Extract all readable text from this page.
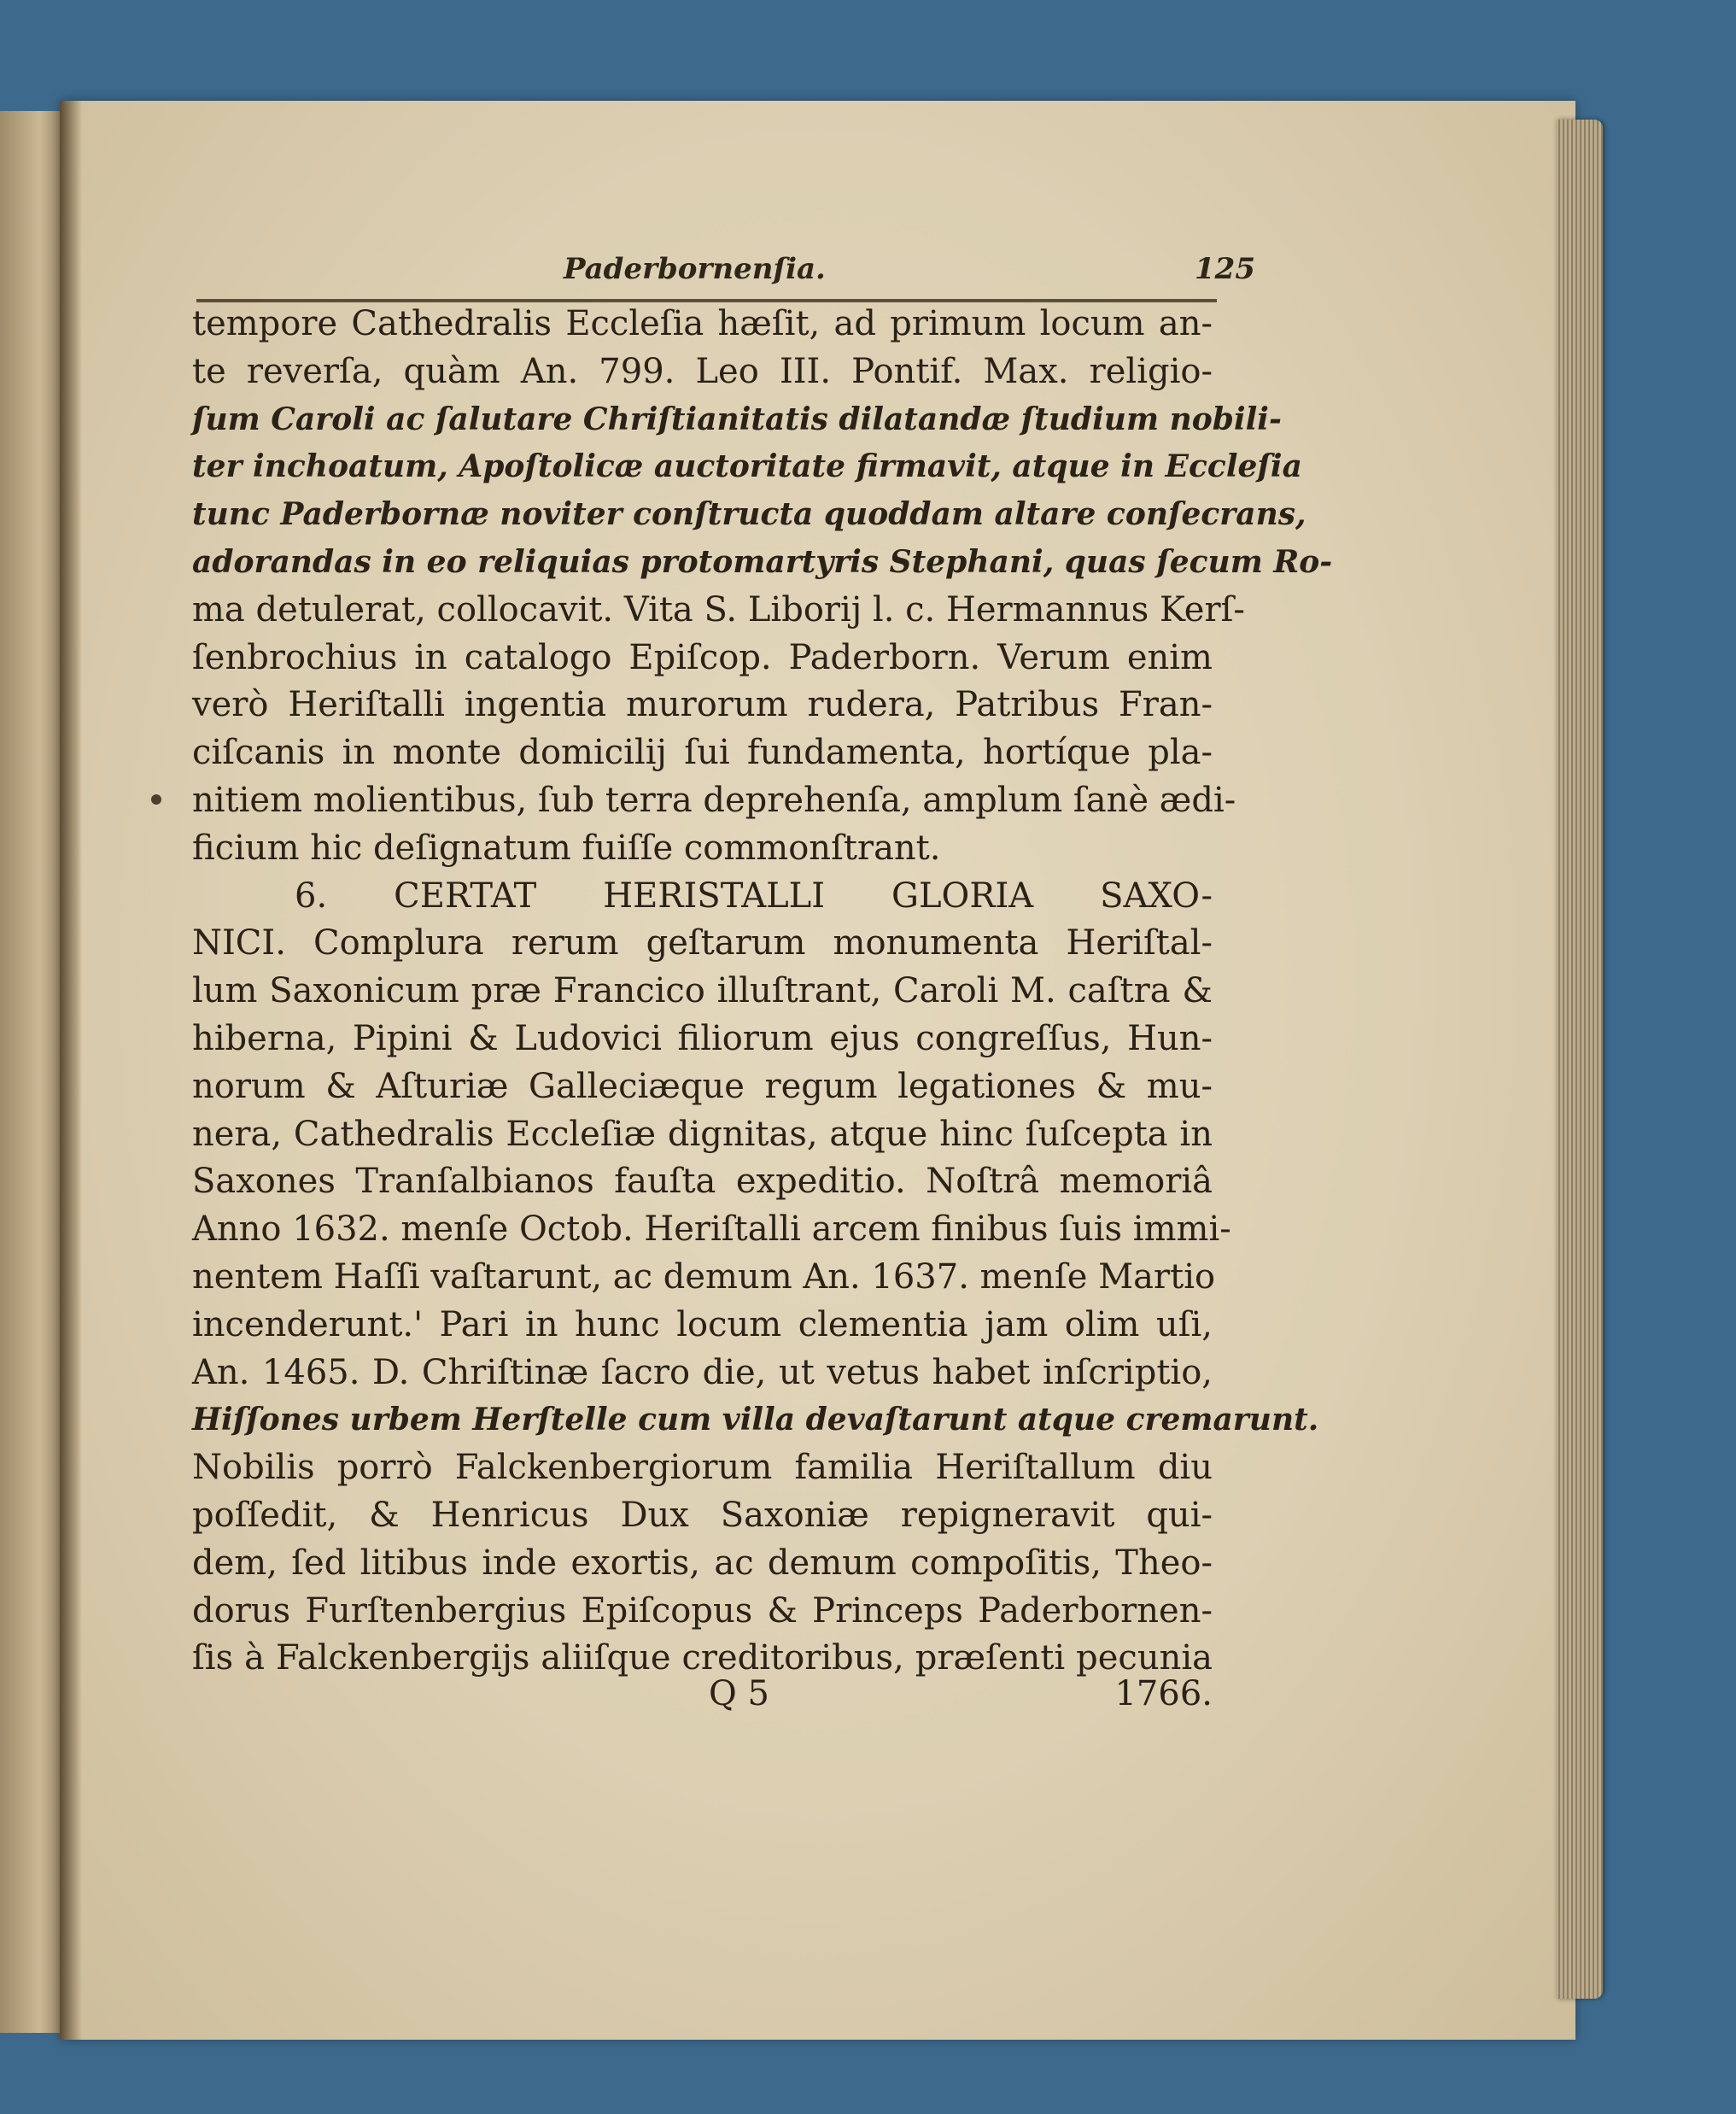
Paderbornenſia.	125
tempore Cathedralis Eccleſia hæſit, ad primum locum an-
te reverſa, quàm An. 799. Leo III. Pontif. Max. religio-
ſum Caroli ac ſalutare Chriſtianitatis dilatandæ ſtudium nobili-
ter inchoatum, Apoſtolicæ auctoritate firmavit, atque in Eccleſia
tunc Paderbornæ noviter conſtructa quoddam altare conſecrans,
adorandas in eo reliquias protomartyris Stephani, quas ſecum Ro-
ma detulerat, collocavit. Vita S. Liborij l. c. Hermannus Kerſ-
ſenbrochius in catalogo Epiſcop. Paderborn. Verum enim
verò Heriſtalli ingentia murorum rudera, Patribus Fran-
ciſcanis in monte domicilij ſui fundamenta, hortíque pla-
nitiem molientibus, ſub terra deprehenſa, amplum ſanè ædi-
ficium hic deſignatum fuiſſe commonſtrant.
6. CERTAT HERISTALLI GLORIA SAXO-
NICI. Complura rerum geſtarum monumenta Heriſtal-
lum Saxonicum præ Francico illuſtrant, Caroli M. caſtra &
hiberna, Pipini & Ludovici filiorum ejus congreſſus, Hun-
norum & Aſturiæ Galleciæque regum legationes & mu-
nera, Cathedralis Eccleſiæ dignitas, atque hinc ſuſcepta in
Saxones Tranſalbianos fauſta expeditio. Noſtrâ memoriâ
Anno 1632. menſe Octob. Heriſtalli arcem finibus ſuis immi-
nentem Haſſi vaſtarunt, ac demum An. 1637. menſe Martio
incenderunt.' Pari in hunc locum clementia jam olim uſi,
An. 1465. D. Chriſtinæ ſacro die, ut vetus habet inſcriptio,
Hiſſones urbem Herſtelle cum villa devaſtarunt atque cremarunt.
Nobilis porrò Falckenbergiorum familia Heriſtallum diu
poſſedit, & Henricus Dux Saxoniæ repigneravit qui-
dem, ſed litibus inde exortis, ac demum compoſitis, Theo-
dorus Furſtenbergius Epiſcopus & Princeps Paderbornen-
ſis à Falckenbergijs aliiſque creditoribus, præſenti pecunia
Q 5	1766.
